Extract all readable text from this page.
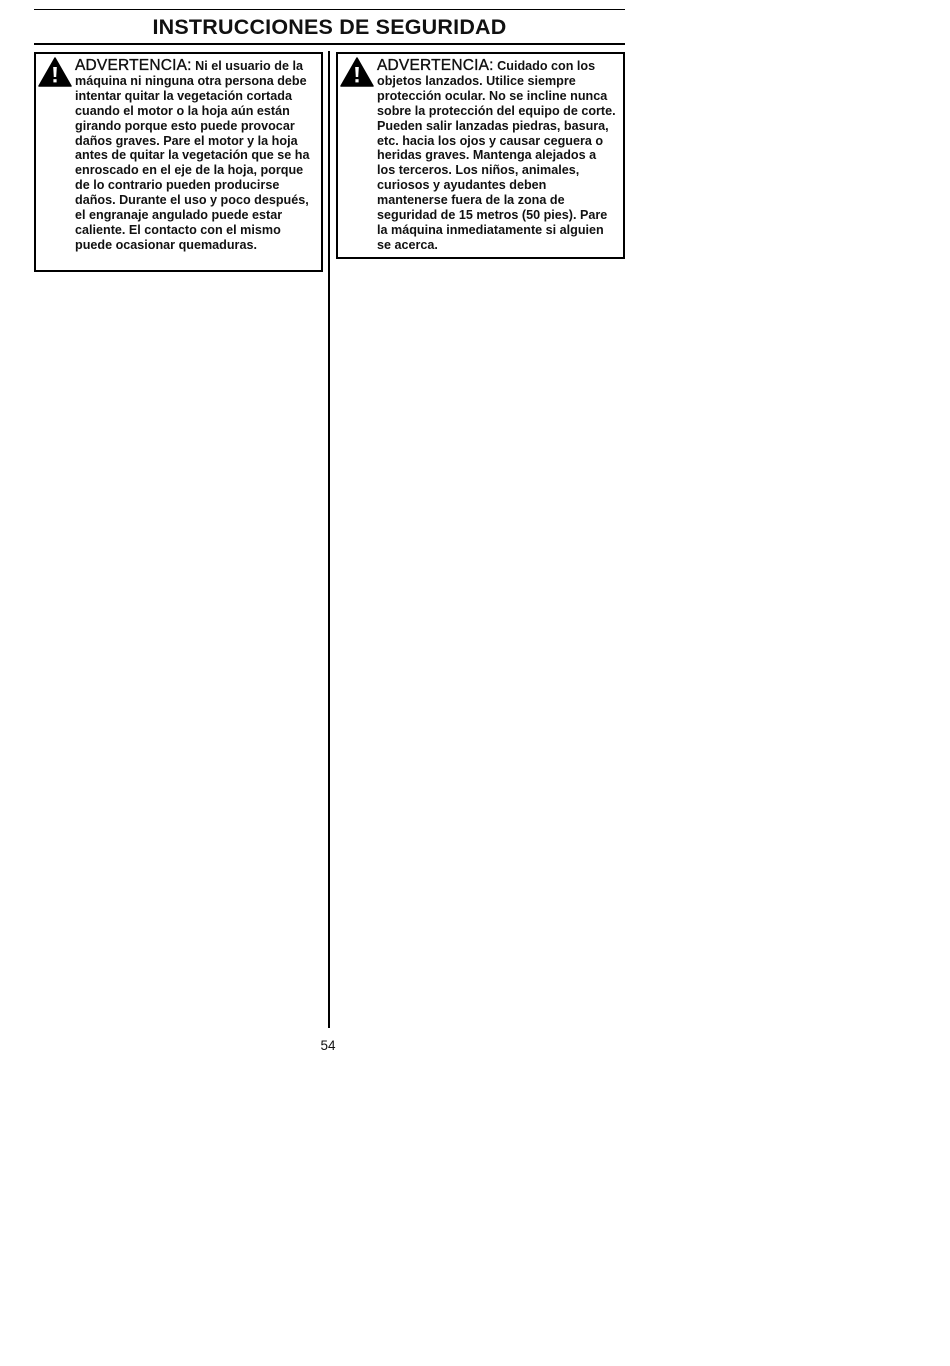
INSTRUCCIONES DE SEGURIDAD

ADVERTENCIA: Ni el usuario de la máquina ni ninguna otra persona debe intentar quitar la vegetación cortada cuando el motor o la hoja aún están girando porque esto puede provocar daños graves. Pare el motor y la hoja antes de quitar la vegetación que se ha enroscado en el eje de la hoja, porque de lo contrario pueden producirse daños. Durante el uso y poco después, el engranaje angulado puede estar caliente. El contacto con el mismo puede ocasionar quemaduras.

ADVERTENCIA: Cuidado con los objetos lanzados. Utilice siempre protección ocular. No se incline nunca sobre la protección del equipo de corte. Pueden salir lanzadas piedras, basura, etc. hacia los ojos y causar ceguera o heridas graves. Mantenga alejados a los terceros. Los niños, animales, curiosos y ayudantes deben mantenerse fuera de la zona de seguridad de 15 metros (50 pies). Pare la máquina inmediatamente si alguien se acerca.

54
